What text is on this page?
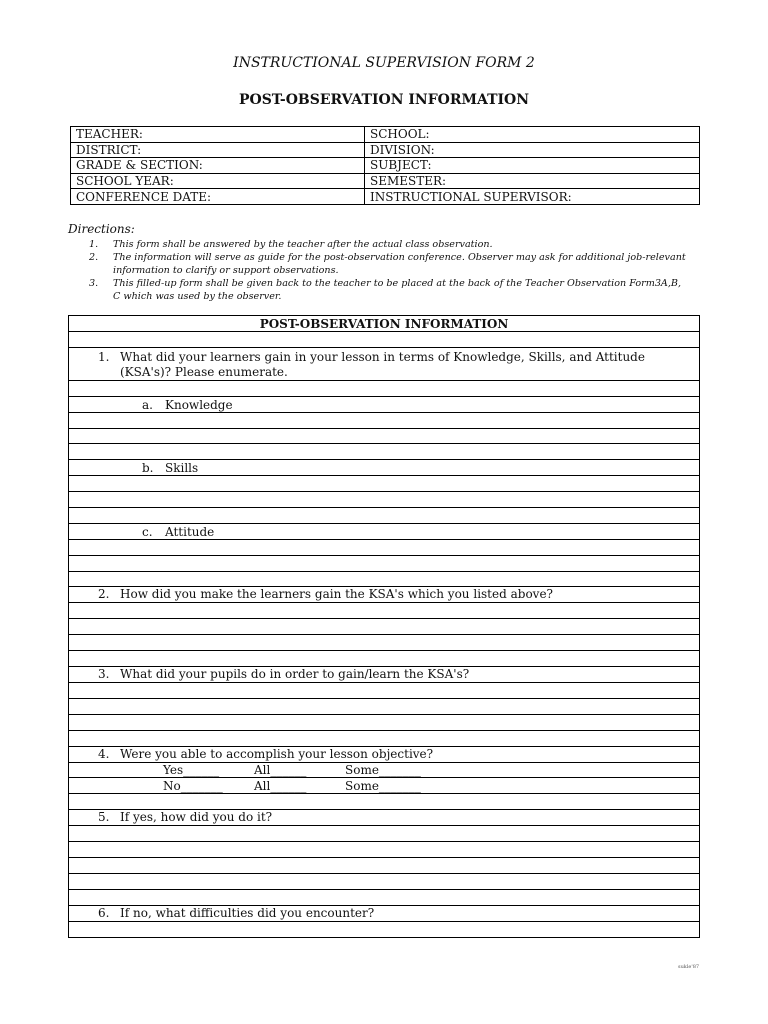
INSTRUCTIONAL SUPERVISION FORM 2
POST-OBSERVATION INFORMATION
TEACHER:	SCHOOL:
DISTRICT:	DIVISION:
GRADE & SECTION:	SUBJECT:
SCHOOL YEAR:	SEMESTER:
CONFERENCE DATE:	INSTRUCTIONAL SUPERVISOR:
Directions:
1. This form shall be answered by the teacher after the actual class observation.
2. The information will serve as guide for the post-observation conference. Observer may ask for additional job-relevant information to clarify or support observations.
3. This filled-up form shall be given back to the teacher to be placed at the back of the Teacher Observation Form3A,B, C which was used by the observer.
POST-OBSERVATION INFORMATION

1. What did your learners gain in your lesson in terms of Knowledge, Skills, and Attitude (KSA's)? Please enumerate.

a. Knowledge

b. Skills

c. Attitude

2. How did you make the learners gain the KSA's which you listed above?

3. What did your pupils do in order to gain/learn the KSA's?

4. Were you able to accomplish your lesson objective?

Yes______	All______	Some_______

No_______	All______	Some_______

5. If yes, how did you do it?

6. If no, what difficulties did you encounter?

sukle'87
